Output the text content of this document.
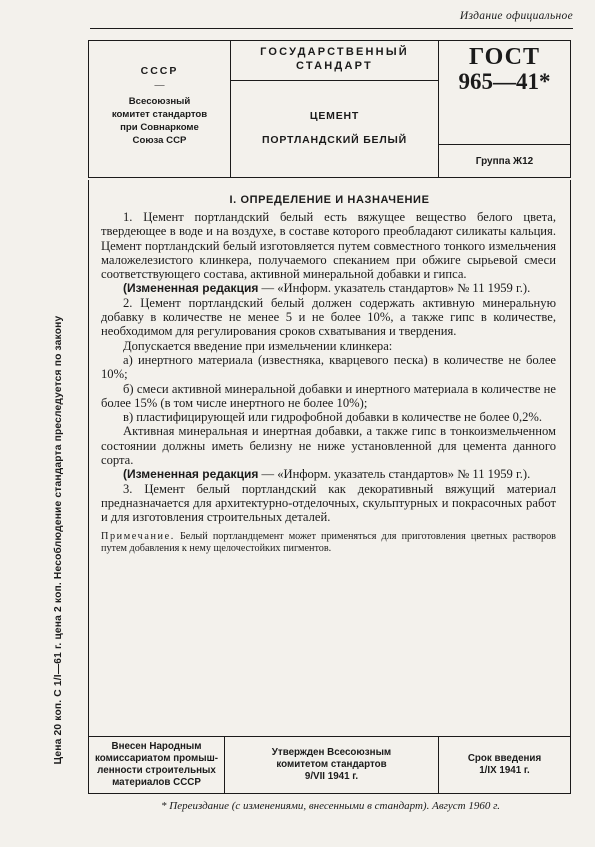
Издание официальное
СССР
—
Всесоюзный
комитет стандартов
при Совнаркоме
Союза ССР
ГОСУДАРСТВЕННЫЙ
СТАНДАРТ
ЦЕМЕНТ
ПОРТЛАНДСКИЙ БЕЛЫЙ
ГОСТ
965—41*
Группа Ж12
I. ОПРЕДЕЛЕНИЕ И НАЗНАЧЕНИЕ

1. Цемент портландский белый есть вяжущее вещество белого цвета, твердеющее в воде и на воздухе, в составе которого преобладают силикаты кальция. Цемент портландский белый изготовляется путем совместного тонкого измельчения маложелезистого клинкера, получаемого спеканием при обжиге сырьевой смеси соответствующего состава, активной минеральной добавки и гипса.

(Измененная редакция — «Информ. указатель стандартов» № 11 1959 г.).

2. Цемент портландский белый должен содержать активную минеральную добавку в количестве не менее 5 и не более 10%, а также гипс в количестве, необходимом для регулирования сроков схватывания и твердения.

Допускается введение при измельчении клинкера:

а) инертного материала (известняка, кварцевого песка) в количестве не более 10%;

б) смеси активной минеральной добавки и инертного материала в количестве не более 15% (в том числе инертного не более 10%);

в) пластифицирующей или гидрофобной добавки в количестве не более 0,2%.

Активная минеральная и инертная добавки, а также гипс в тонкоизмельченном состоянии должны иметь белизну не ниже установленной для цемента данного сорта.

(Измененная редакция — «Информ. указатель стандартов» № 11 1959 г.).

3. Цемент белый портландский как декоративный вяжущий материал предназначается для архитектурно-отделочных, скульптурных и покрасочных работ и для изготовления строительных деталей.

Примечание. Белый портландцемент может применяться для приготовления цветных растворов путем добавления к нему щелочестойких пигментов.
Внесен Народным
комиссариатом промыш-
ленности строительных
материалов СССР
Утвержден Всесоюзным
комитетом стандартов
9/VII 1941 г.
Срок введения
1/IX 1941 г.
* Переиздание (с изменениями, внесенными в стандарт). Август 1960 г.
Цена 20 коп. С 1/I—61 г. цена 2 коп. Несоблюдение стандарта преследуется по закону
